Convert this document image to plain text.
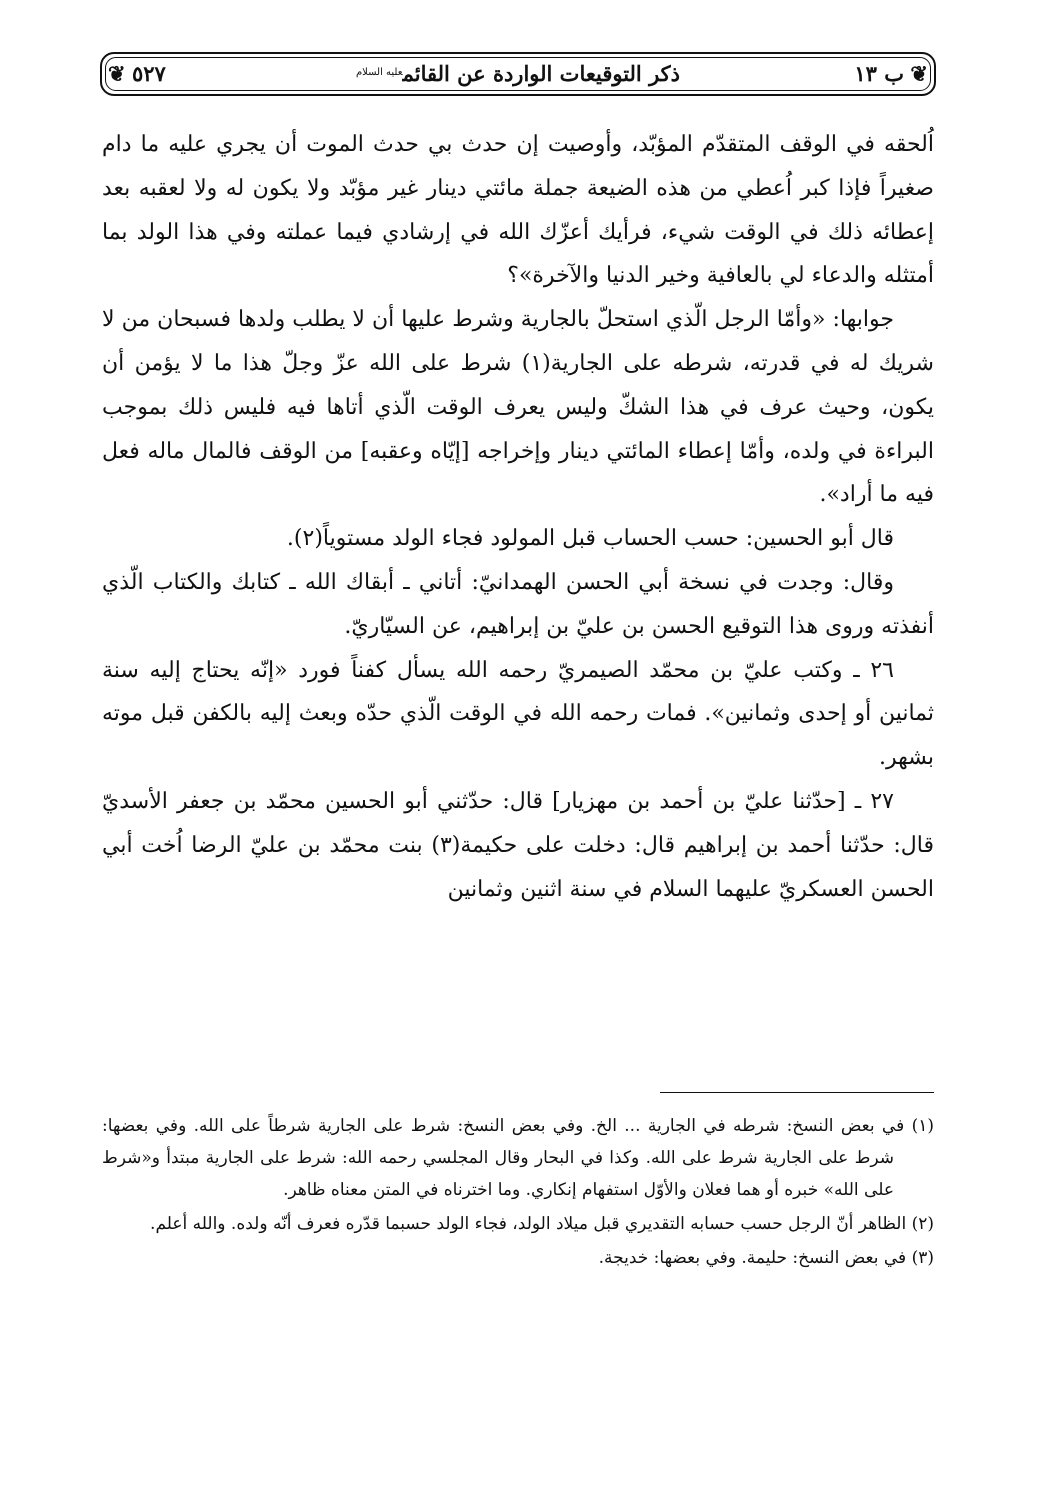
❦
ب ١٣
ذكر التوقيعات الواردة عن القائم$^{عليه السلام}$
٥٢٧
❦

اُلحقه في الوقف المتقدّم المؤبّد، وأوصيت إن حدث بي حدث الموت أن يجري عليه ما دام صغيراً فإذا كبر اُعطي من هذه الضيعة جملة مائتي دينار غير مؤبّد ولا يكون له ولا لعقبه بعد إعطائه ذلك في الوقت شيء، فرأيك أعزّك الله في إرشادي فيما عملته وفي هذا الولد بما أمتثله والدعاء لي بالعافية وخير الدنيا والآخرة»؟

جوابها: «وأمّا الرجل الّذي استحلّ بالجارية وشرط عليها أن لا يطلب ولدها فسبحان من لا شريك له في قدرته، شرطه على الجارية(١) شرط على الله عزّ وجلّ هذا ما لا يؤمن أن يكون، وحيث عرف في هذا الشكّ وليس يعرف الوقت الّذي أتاها فيه فليس ذلك بموجب البراءة في ولده، وأمّا إعطاء المائتي دينار وإخراجه [إيّاه وعقبه] من الوقف فالمال ماله فعل فيه ما أراد».

قال أبو الحسين: حسب الحساب قبل المولود فجاء الولد مستوياً(٢).

وقال: وجدت في نسخة أبي الحسن الهمدانيّ: أتاني ـ أبقاك الله ـ كتابك والكتاب الّذي أنفذته وروى هذا التوقيع الحسن بن عليّ بن إبراهيم، عن السيّاريّ.

٢٦ ـ وكتب عليّ بن محمّد الصيمريّ رحمه الله يسأل كفناً فورد «إنّه يحتاج إليه سنة ثمانين أو إحدى وثمانين». فمات رحمه الله في الوقت الّذي حدّه وبعث إليه بالكفن قبل موته بشهر.

٢٧ ـ [حدّثنا عليّ بن أحمد بن مهزيار] قال: حدّثني أبو الحسين محمّد بن جعفر الأسديّ قال: حدّثنا أحمد بن إبراهيم قال: دخلت على حكيمة(٣) بنت محمّد بن عليّ الرضا اُخت أبي الحسن العسكريّ عليهما السلام في سنة اثنين وثمانين

(١) في بعض النسخ: شرطه في الجارية ... الخ. وفي بعض النسخ: شرط على الجارية شرطاً على الله. وفي بعضها: شرط على الجارية شرط على الله. وكذا في البحار وقال المجلسي رحمه الله: شرط على الجارية مبتدأ و«شرط على الله» خبره أو هما فعلان والأوّل استفهام إنكاري. وما اخترناه في المتن معناه ظاهر.

(٢) الظاهر أنّ الرجل حسب حسابه التقديري قبل ميلاد الولد، فجاء الولد حسبما قدّره فعرف أنّه ولده. والله أعلم.

(٣) في بعض النسخ: حليمة. وفي بعضها: خديجة.
